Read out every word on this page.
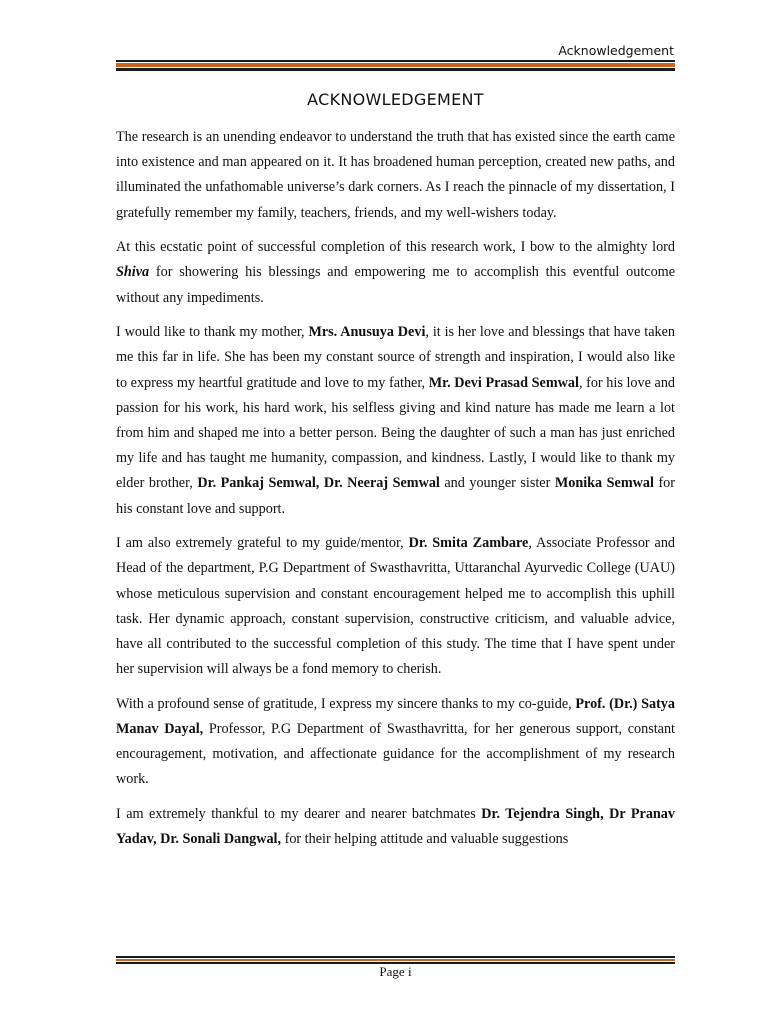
Acknowledgement
ACKNOWLEDGEMENT

The research is an unending endeavor to understand the truth that has existed since the earth came into existence and man appeared on it. It has broadened human perception, created new paths, and illuminated the unfathomable universe’s dark corners. As I reach the pinnacle of my dissertation, I gratefully remember my family, teachers, friends, and my well-wishers today.

At this ecstatic point of successful completion of this research work, I bow to the almighty lord Shiva for showering his blessings and empowering me to accomplish this eventful outcome without any impediments.

I would like to thank my mother, Mrs. Anusuya Devi, it is her love and blessings that have taken me this far in life. She has been my constant source of strength and inspiration, I would also like to express my heartful gratitude and love to my father, Mr. Devi Prasad Semwal, for his love and passion for his work, his hard work, his selfless giving and kind nature has made me learn a lot from him and shaped me into a better person. Being the daughter of such a man has just enriched my life and has taught me humanity, compassion, and kindness. Lastly, I would like to thank my elder brother, Dr. Pankaj Semwal, Dr. Neeraj Semwal and younger sister Monika Semwal for his constant love and support.

I am also extremely grateful to my guide/mentor, Dr. Smita Zambare, Associate Professor and Head of the department, P.G Department of Swasthavritta, Uttaranchal Ayurvedic College (UAU) whose meticulous supervision and constant encouragement helped me to accomplish this uphill task. Her dynamic approach, constant supervision, constructive criticism, and valuable advice, have all contributed to the successful completion of this study. The time that I have spent under her supervision will always be a fond memory to cherish.

With a profound sense of gratitude, I express my sincere thanks to my co-guide, Prof. (Dr.) Satya Manav Dayal, Professor, P.G Department of Swasthavritta, for her generous support, constant encouragement, motivation, and affectionate guidance for the accomplishment of my research work.

I am extremely thankful to my dearer and nearer batchmates Dr. Tejendra Singh, Dr Pranav Yadav, Dr. Sonali Dangwal, for their helping attitude and valuable suggestions

Page i
